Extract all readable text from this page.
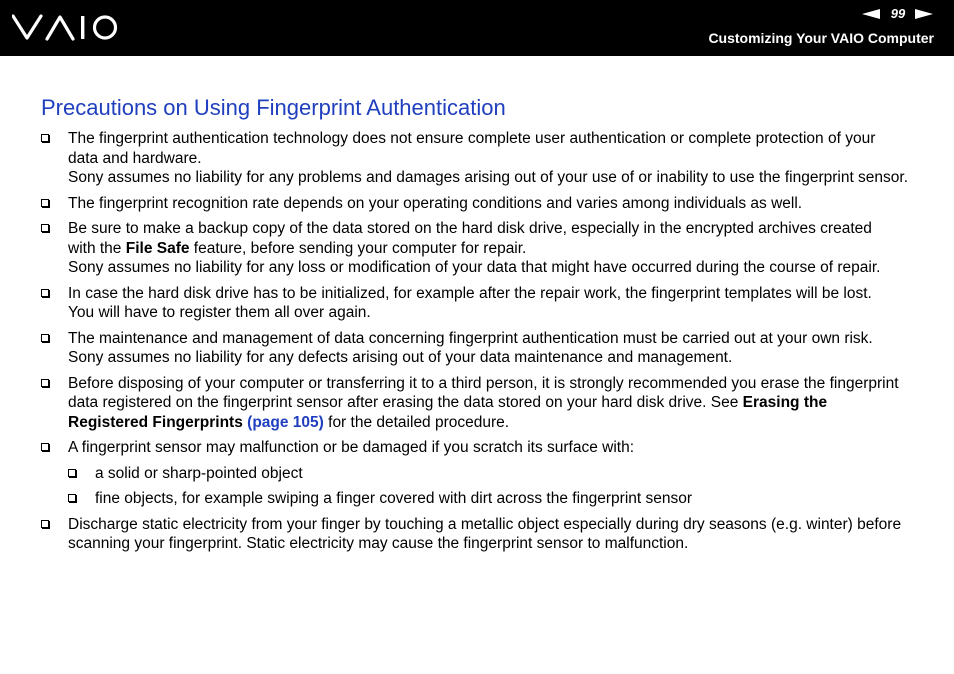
99
Customizing Your VAIO Computer
Precautions on Using Fingerprint Authentication
The fingerprint authentication technology does not ensure complete user authentication or complete protection of your
data and hardware.
Sony assumes no liability for any problems and damages arising out of your use of or inability to use the fingerprint sensor.
The fingerprint recognition rate depends on your operating conditions and varies among individuals as well.
Be sure to make a backup copy of the data stored on the hard disk drive, especially in the encrypted archives created
with the File Safe feature, before sending your computer for repair.
Sony assumes no liability for any loss or modification of your data that might have occurred during the course of repair.
In case the hard disk drive has to be initialized, for example after the repair work, the fingerprint templates will be lost.
You will have to register them all over again.
The maintenance and management of data concerning fingerprint authentication must be carried out at your own risk.
Sony assumes no liability for any defects arising out of your data maintenance and management.
Before disposing of your computer or transferring it to a third person, it is strongly recommended you erase the fingerprint
data registered on the fingerprint sensor after erasing the data stored on your hard disk drive. See Erasing the
Registered Fingerprints (page 105) for the detailed procedure.
A fingerprint sensor may malfunction or be damaged if you scratch its surface with:
a solid or sharp-pointed object
fine objects, for example swiping a finger covered with dirt across the fingerprint sensor
Discharge static electricity from your finger by touching a metallic object especially during dry seasons (e.g. winter) before
scanning your fingerprint. Static electricity may cause the fingerprint sensor to malfunction.
